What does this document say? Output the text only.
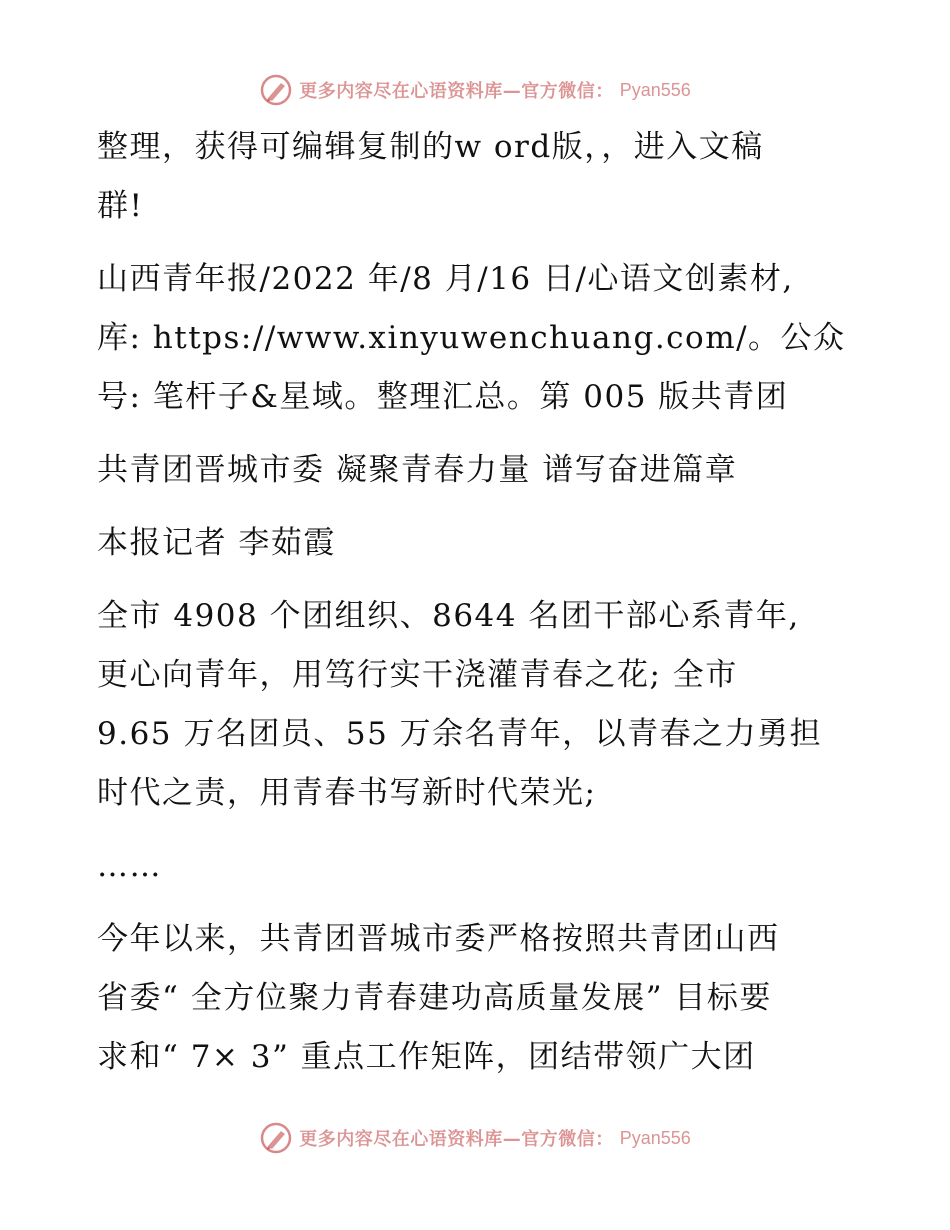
更多内容尽在心语资料库—官方微信： Pyan556

整理，获得可编辑复制的w ord版，，进入文稿
群!

山西青年报/2022 年/8 月/16 日/心语文创素材,
库: https://www.xinyuwenchuang.com/。公众
号: 笔杆子&星域。整理汇总。第 005 版共青团

共青团晋城市委 凝聚青春力量 谱写奋进篇章

本报记者 李茹霞

全市 4908 个团组织、8644 名团干部心系青年,
更心向青年，用笃行实干浇灌青春之花; 全市
9.65 万名团员、55 万余名青年，以青春之力勇担
时代之责，用青春书写新时代荣光;

……

今年以来，共青团晋城市委严格按照共青团山西
省委“ 全方位聚力青春建功高质量发展” 目标要
求和“ 7× 3” 重点工作矩阵，团结带领广大团

更多内容尽在心语资料库—官方微信： Pyan556
